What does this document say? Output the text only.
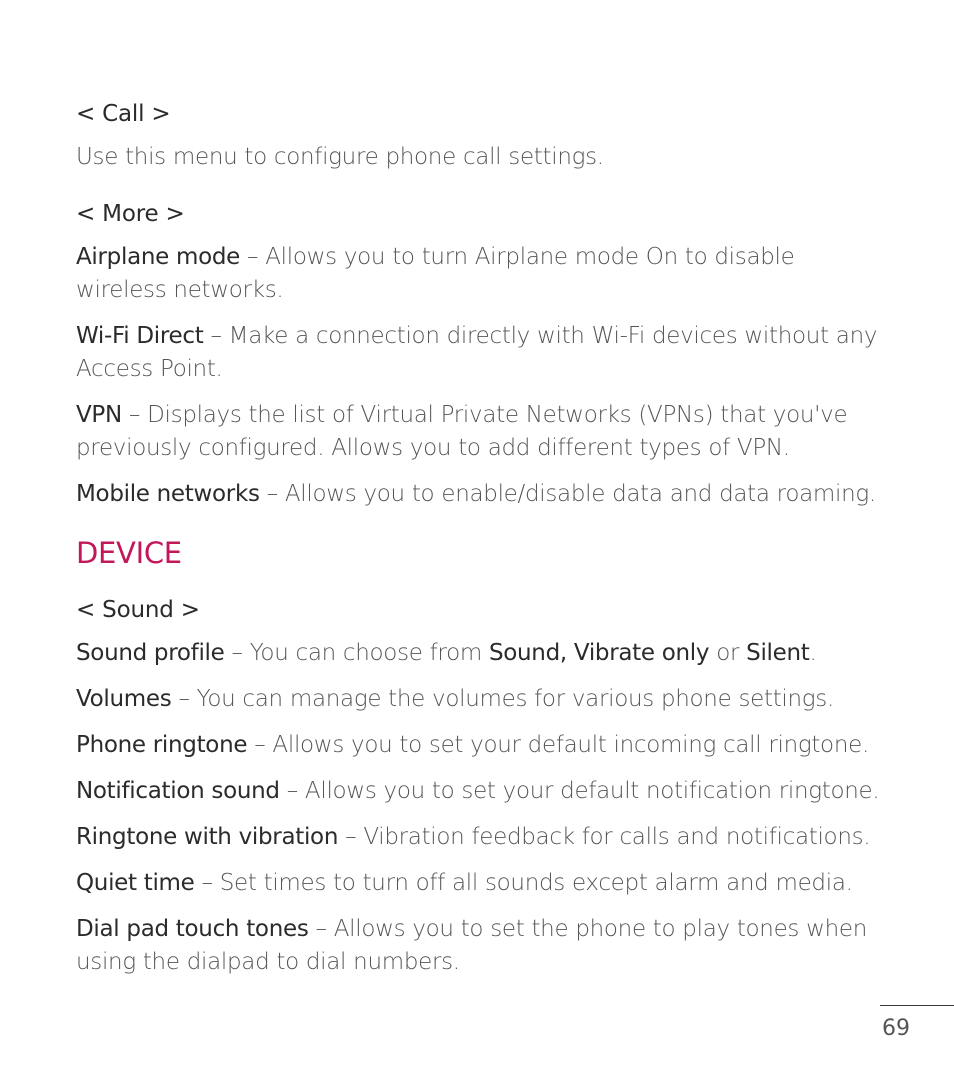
< Call >

Use this menu to configure phone call settings.

< More >

Airplane mode – Allows you to turn Airplane mode On to disable wireless networks.

Wi-Fi Direct – Make a connection directly with Wi-Fi devices without any Access Point.

VPN – Displays the list of Virtual Private Networks (VPNs) that you've previously configured. Allows you to add different types of VPN.

Mobile networks – Allows you to enable/disable data and data roaming.

DEVICE

< Sound >

Sound profile – You can choose from Sound, Vibrate only or Silent.

Volumes – You can manage the volumes for various phone settings.

Phone ringtone – Allows you to set your default incoming call ringtone.

Notification sound – Allows you to set your default notification ringtone.

Ringtone with vibration – Vibration feedback for calls and notifications.

Quiet time – Set times to turn off all sounds except alarm and media.

Dial pad touch tones – Allows you to set the phone to play tones when using the dialpad to dial numbers.

69
